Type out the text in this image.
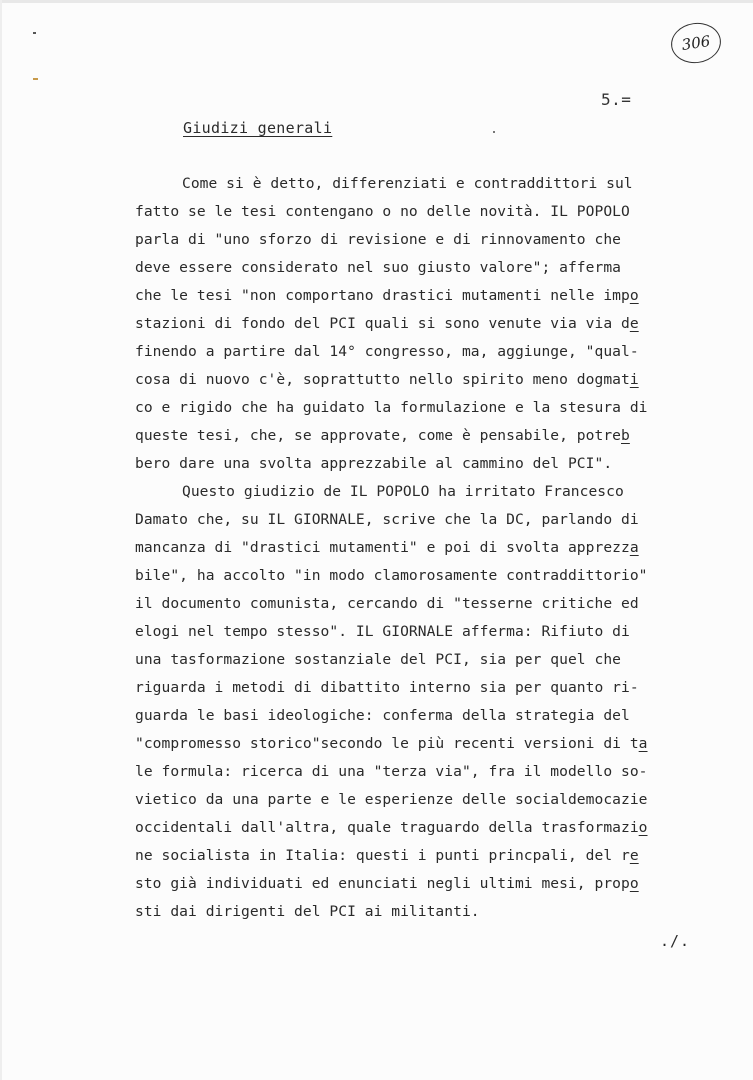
306
5.=
Giudizi generali
Come si è detto, differenziati e contraddittori sul
fatto se le tesi contengano o no delle novità. IL POPOLO
parla di "uno sforzo di revisione e di rinnovamento che
deve essere considerato nel suo giusto valore"; afferma
che le tesi "non comportano drastici mutamenti nelle impo
stazioni di fondo del PCI quali si sono venute via via de
finendo a partire dal 14° congresso, ma, aggiunge, "qual-
cosa di nuovo c'è, soprattutto nello spirito meno dogmati
co e rigido che ha guidato la formulazione e la stesura di
queste tesi, che, se approvate, come è pensabile, potreb
bero dare una svolta apprezzabile al cammino del PCI".
Questo giudizio de IL POPOLO ha irritato Francesco
Damato che, su IL GIORNALE, scrive che la DC, parlando di
mancanza di "drastici mutamenti" e poi di svolta apprezza
bile", ha accolto "in modo clamorosamente contraddittorio"
il documento comunista, cercando di "tesserne critiche ed
elogi nel tempo stesso". IL GIORNALE afferma: Rifiuto di
una tasformazione sostanziale del PCI, sia per quel che
riguarda i metodi di dibattito interno sia per quanto ri-
guarda le basi ideologiche: conferma della strategia del
"compromesso storico"secondo le più recenti versioni di ta
le formula: ricerca di una "terza via", fra il modello so-
vietico da una parte e le esperienze delle socialdemocazie
occidentali dall'altra, quale traguardo della trasformazio
ne socialista in Italia: questi i punti princpali, del re
sto già individuati ed enunciati negli ultimi mesi, propo
sti dai dirigenti del PCI ai militanti.
./.
